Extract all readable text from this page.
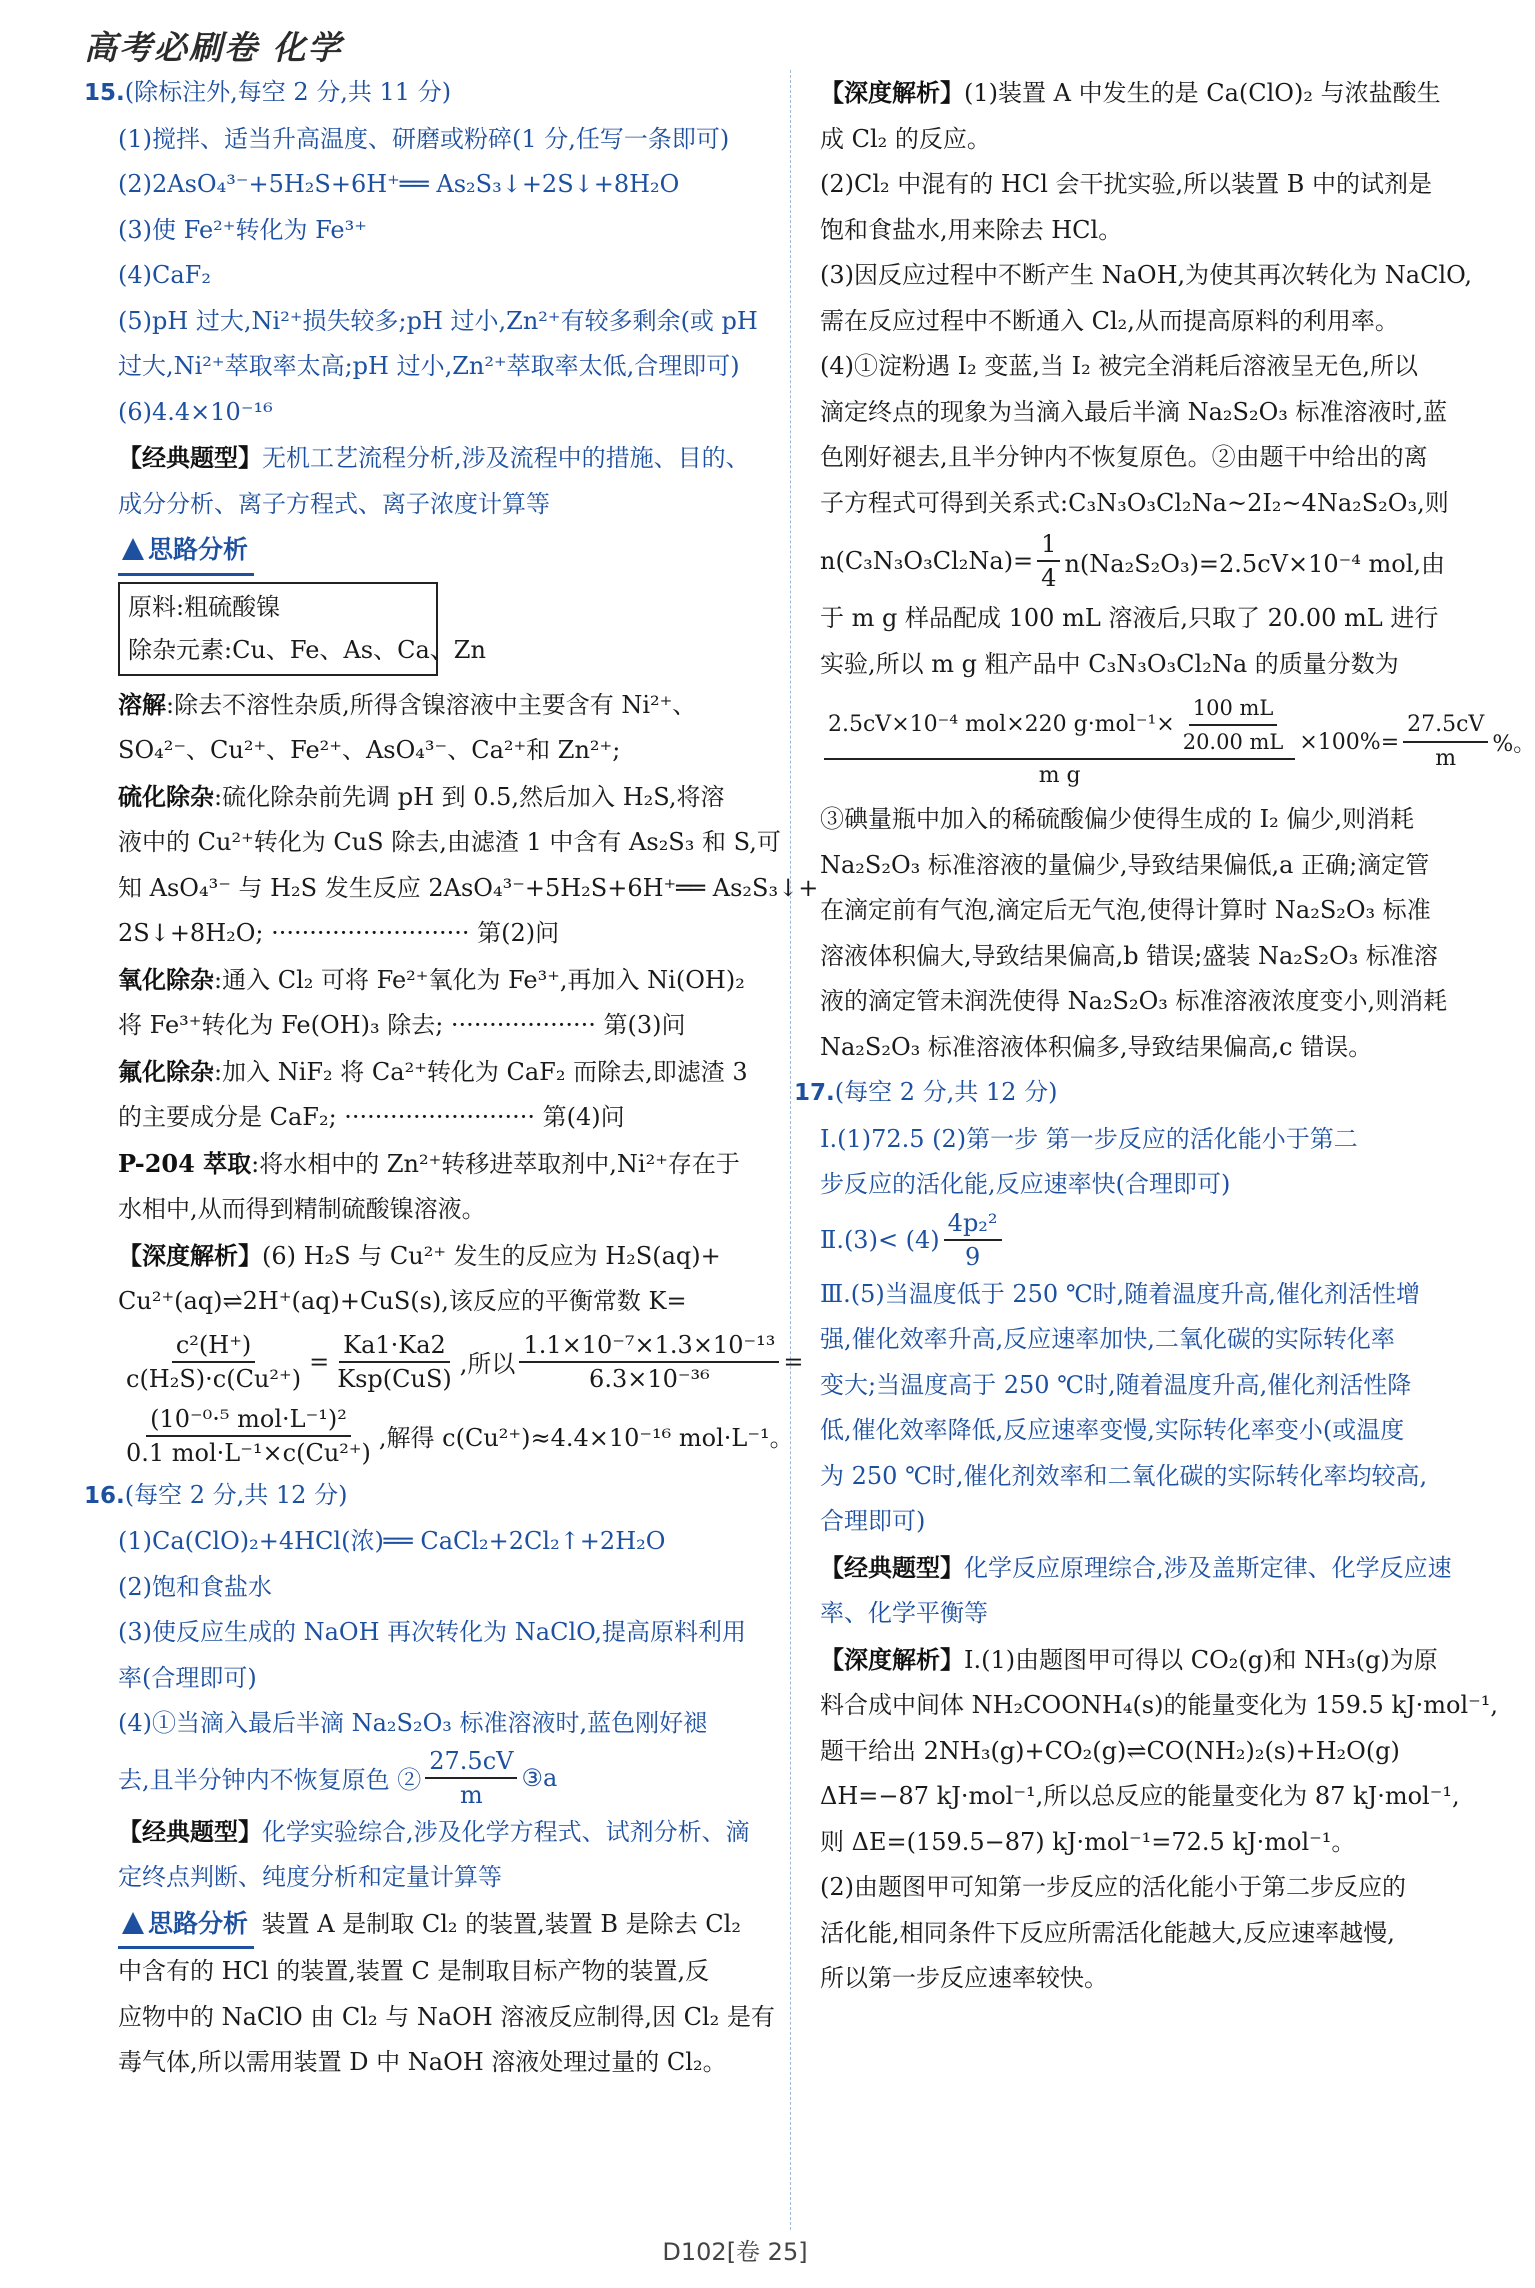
高考必刷卷 化学
15.(除标注外,每空 2 分,共 11 分)
(1)搅拌、适当升高温度、研磨或粉碎(1 分,任写一条即可)
(2)2AsO₄³⁻+5H₂S+6H⁺══ As₂S₃↓+2S↓+8H₂O
(3)使 Fe²⁺转化为 Fe³⁺
(4)CaF₂
(5)pH 过大,Ni²⁺损失较多;pH 过小,Zn²⁺有较多剩余(或 pH
过大,Ni²⁺萃取率太高;pH 过小,Zn²⁺萃取率太低,合理即可)
(6)4.4×10⁻¹⁶
【经典题型】无机工艺流程分析,涉及流程中的措施、目的、
成分分析、离子方程式、离子浓度计算等
思路分析
原料:粗硫酸镍
除杂元素:Cu、Fe、As、Ca、Zn
溶解:除去不溶性杂质,所得含镍溶液中主要含有 Ni²⁺、
SO₄²⁻、Cu²⁺、Fe²⁺、AsO₄³⁻、Ca²⁺和 Zn²⁺;
硫化除杂:硫化除杂前先调 pH 到 0.5,然后加入 H₂S,将溶
液中的 Cu²⁺转化为 CuS 除去,由滤渣 1 中含有 As₂S₃ 和 S,可
知 AsO₄³⁻ 与 H₂S 发生反应 2AsO₄³⁻+5H₂S+6H⁺══ As₂S₃↓+
2S↓+8H₂O; ·························· 第(2)问
氧化除杂:通入 Cl₂ 可将 Fe²⁺氧化为 Fe³⁺,再加入 Ni(OH)₂
将 Fe³⁺转化为 Fe(OH)₃ 除去; ··················· 第(3)问
氟化除杂:加入 NiF₂ 将 Ca²⁺转化为 CaF₂ 而除去,即滤渣 3
的主要成分是 CaF₂; ························· 第(4)问
P-204 萃取:将水相中的 Zn²⁺转移进萃取剂中,Ni²⁺存在于
水相中,从而得到精制硫酸镍溶液。
【深度解析】(6) H₂S 与 Cu²⁺ 发生的反应为 H₂S(aq)+
Cu²⁺(aq)⇌2H⁺(aq)+CuS(s),该反应的平衡常数 K=
$\frac{\text{c²(H⁺)}}{\text{c(H₂S)·c(Cu²⁺)}}$ =
Ka1·Ka2
Ksp(CuS)
,所以 $\frac{\text{1.1×10⁻⁷×1.3×10⁻¹³}}{\text{6.3×10⁻³⁶}}$ =
(10⁻⁰·⁵ mol·L⁻¹)²
0.1 mol·L⁻¹×c(Cu²⁺)
,解得 c(Cu²⁺)≈4.4×10⁻¹⁶ mol·L⁻¹。
16.(每空 2 分,共 12 分)
(1)Ca(ClO)₂+4HCl(浓)══ CaCl₂+2Cl₂↑+2H₂O
(2)饱和食盐水
(3)使反应生成的 NaOH 再次转化为 NaClO,提高原料利用
率(合理即可)
(4)①当滴入最后半滴 Na₂S₂O₃ 标准溶液时,蓝色刚好褪
去,且半分钟内不恢复原色 ② $\frac{27.5cV}{m}$ ③a
【经典题型】化学实验综合,涉及化学方程式、试剂分析、滴
定终点判断、纯度分析和定量计算等
思路分析 装置 A 是制取 Cl₂ 的装置,装置 B 是除去 Cl₂
中含有的 HCl 的装置,装置 C 是制取目标产物的装置,反
应物中的 NaClO 由 Cl₂ 与 NaOH 溶液反应制得,因 Cl₂ 是有
毒气体,所以需用装置 D 中 NaOH 溶液处理过量的 Cl₂。
【深度解析】(1)装置 A 中发生的是 Ca(ClO)₂ 与浓盐酸生
成 Cl₂ 的反应。
(2)Cl₂ 中混有的 HCl 会干扰实验,所以装置 B 中的试剂是
饱和食盐水,用来除去 HCl。
(3)因反应过程中不断产生 NaOH,为使其再次转化为 NaClO,
需在反应过程中不断通入 Cl₂,从而提高原料的利用率。
(4)①淀粉遇 I₂ 变蓝,当 I₂ 被完全消耗后溶液呈无色,所以
滴定终点的现象为当滴入最后半滴 Na₂S₂O₃ 标准溶液时,蓝
色刚好褪去,且半分钟内不恢复原色。②由题干中给出的离
子方程式可得到关系式:C₃N₃O₃Cl₂Na~2I₂~4Na₂S₂O₃,则
$n(C_3N_3O_3Cl_2Na)= \frac{1}{4} n(Na_2S_2O_3)=2.5cV\times 10^{-4}$ mol,由
于 m g 样品配成 100 mL 溶液后,只取了 20.00 mL 进行
实验,所以 m g 粗产品中 C₃N₃O₃Cl₂Na 的质量分数为
2.5cV×10⁻⁴ mol×220 $g\cdot mol^{-1}\times \frac{100 mL}{20.00 mL}$
m g
$\times 100\%= \frac{27.5cV}{m}$ %。
③碘量瓶中加入的稀硫酸偏少使得生成的 I₂ 偏少,则消耗
Na₂S₂O₃ 标准溶液的量偏少,导致结果偏低,a 正确;滴定管
在滴定前有气泡,滴定后无气泡,使得计算时 Na₂S₂O₃ 标准
溶液体积偏大,导致结果偏高,b 错误;盛装 Na₂S₂O₃ 标准溶
液的滴定管未润洗使得 Na₂S₂O₃ 标准溶液浓度变小,则消耗
Na₂S₂O₃ 标准溶液体积偏多,导致结果偏高,c 错误。
17.(每空 2 分,共 12 分)
Ⅰ.(1)72.5 (2)第一步 第一步反应的活化能小于第二
步反应的活化能,反应速率快(合理即可)
Ⅱ.(3)< $(4) \frac{\text{4p₂²}}{9}$
Ⅲ.(5)当温度低于 250 ℃时,随着温度升高,催化剂活性增
强,催化效率升高,反应速率加快,二氧化碳的实际转化率
变大;当温度高于 250 ℃时,随着温度升高,催化剂活性降
低,催化效率降低,反应速率变慢,实际转化率变小(或温度
为 250 ℃时,催化剂效率和二氧化碳的实际转化率均较高,
合理即可)
【经典题型】化学反应原理综合,涉及盖斯定律、化学反应速
率、化学平衡等
【深度解析】Ⅰ.(1)由题图甲可得以 CO₂(g)和 NH₃(g)为原
料合成中间体 NH₂COONH₄(s)的能量变化为 159.5 kJ·mol⁻¹,
题干给出 2NH₃(g)+CO₂(g)⇌CO(NH₂)₂(s)+H₂O(g)
ΔH=−87 kJ·mol⁻¹,所以总反应的能量变化为 87 kJ·mol⁻¹,
则 ΔE=(159.5−87) kJ·mol⁻¹=72.5 kJ·mol⁻¹。
(2)由题图甲可知第一步反应的活化能小于第二步反应的
活化能,相同条件下反应所需活化能越大,反应速率越慢,
所以第一步反应速率较快。
D102[卷 25]
